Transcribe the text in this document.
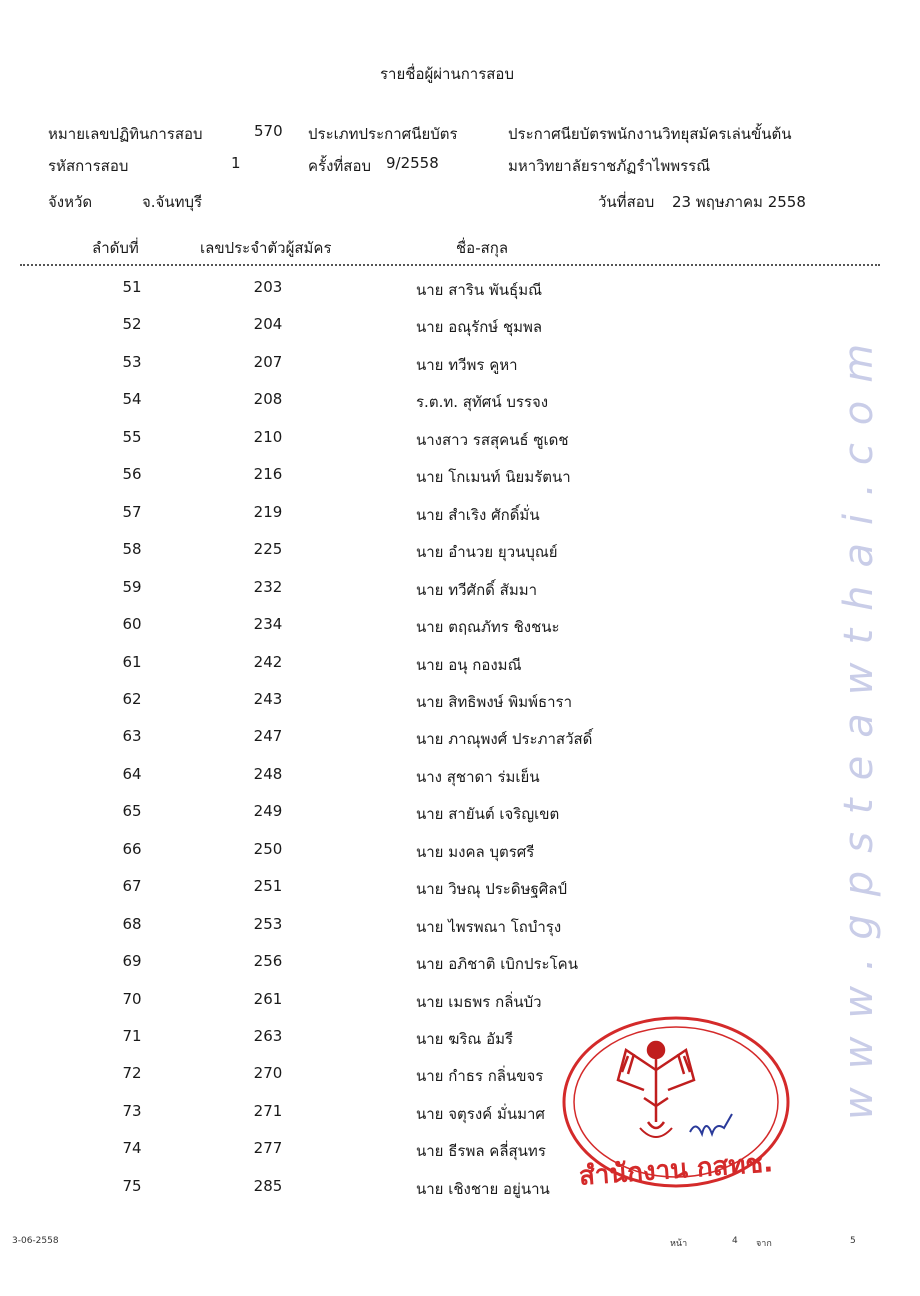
รายชื่อผู้ผ่านการสอบ
หมายเลขปฏิทินการสอบ	570 ประเภทประกาศนียบัตร	ประกาศนียบัตรพนักงานวิทยุสมัครเล่นขั้นต้น
รหัสการสอบ	1	ครั้งที่สอบ 9/2558	มหาวิทยาลัยราชภัฏรำไพพรรณี
จังหวัด	จ.จันทบุรี	วันที่สอบ 23 พฤษภาคม 2558
ลำดับที่	เลขประจำตัวผู้สมัคร	ชื่อ-สกุล
51	203	นาย สาริน พันธุ์มณี
52	204	นาย อณุรักษ์ ชุมพล
53	207	นาย ทวีพร คูหา
54	208	ร.ต.ท. สุทัศน์ บรรจง
55	210	นางสาว รสสุคนธ์ ซูเดช
56	216	นาย โกเมนท์ นิยมรัตนา
57	219	นาย สำเริง ศักดิ์มั่น
58	225	นาย อำนวย ยุวนบุณย์
59	232	นาย ทวีศักดิ์ สัมมา
60	234	นาย ตฤณภัทร ชิงชนะ
61	242	นาย อนุ กองมณี
62	243	นาย สิทธิพงษ์ พิมพ์ธารา
63	247	นาย ภาณุพงศ์ ประภาสวัสดิ์
64	248	นาง สุชาดา ร่มเย็น
65	249	นาย สายันต์ เจริญเขต
66	250	นาย มงคล บุตรศรี
67	251	นาย วิษณุ ประดิษฐศิลป์
68	253	นาย ไพรพณา โถบำรุง
69	256	นาย อภิชาติ เบิกประโคน
70	261	นาย เมธพร กลิ่นบัว
71	263	นาย ฆริณ อัมรี
72	270	นาย กำธร กลิ่นขจร
73	271	นาย จตุรงค์ มั่นมาศ
74	277	นาย ธีรพล คลี่สุนทร
75	285	นาย เชิงชาย อยู่นาน
www.gpsteawthai.com
สำนักงาน กสทช.
3-06-2558	หน้า	4 จาก	5
